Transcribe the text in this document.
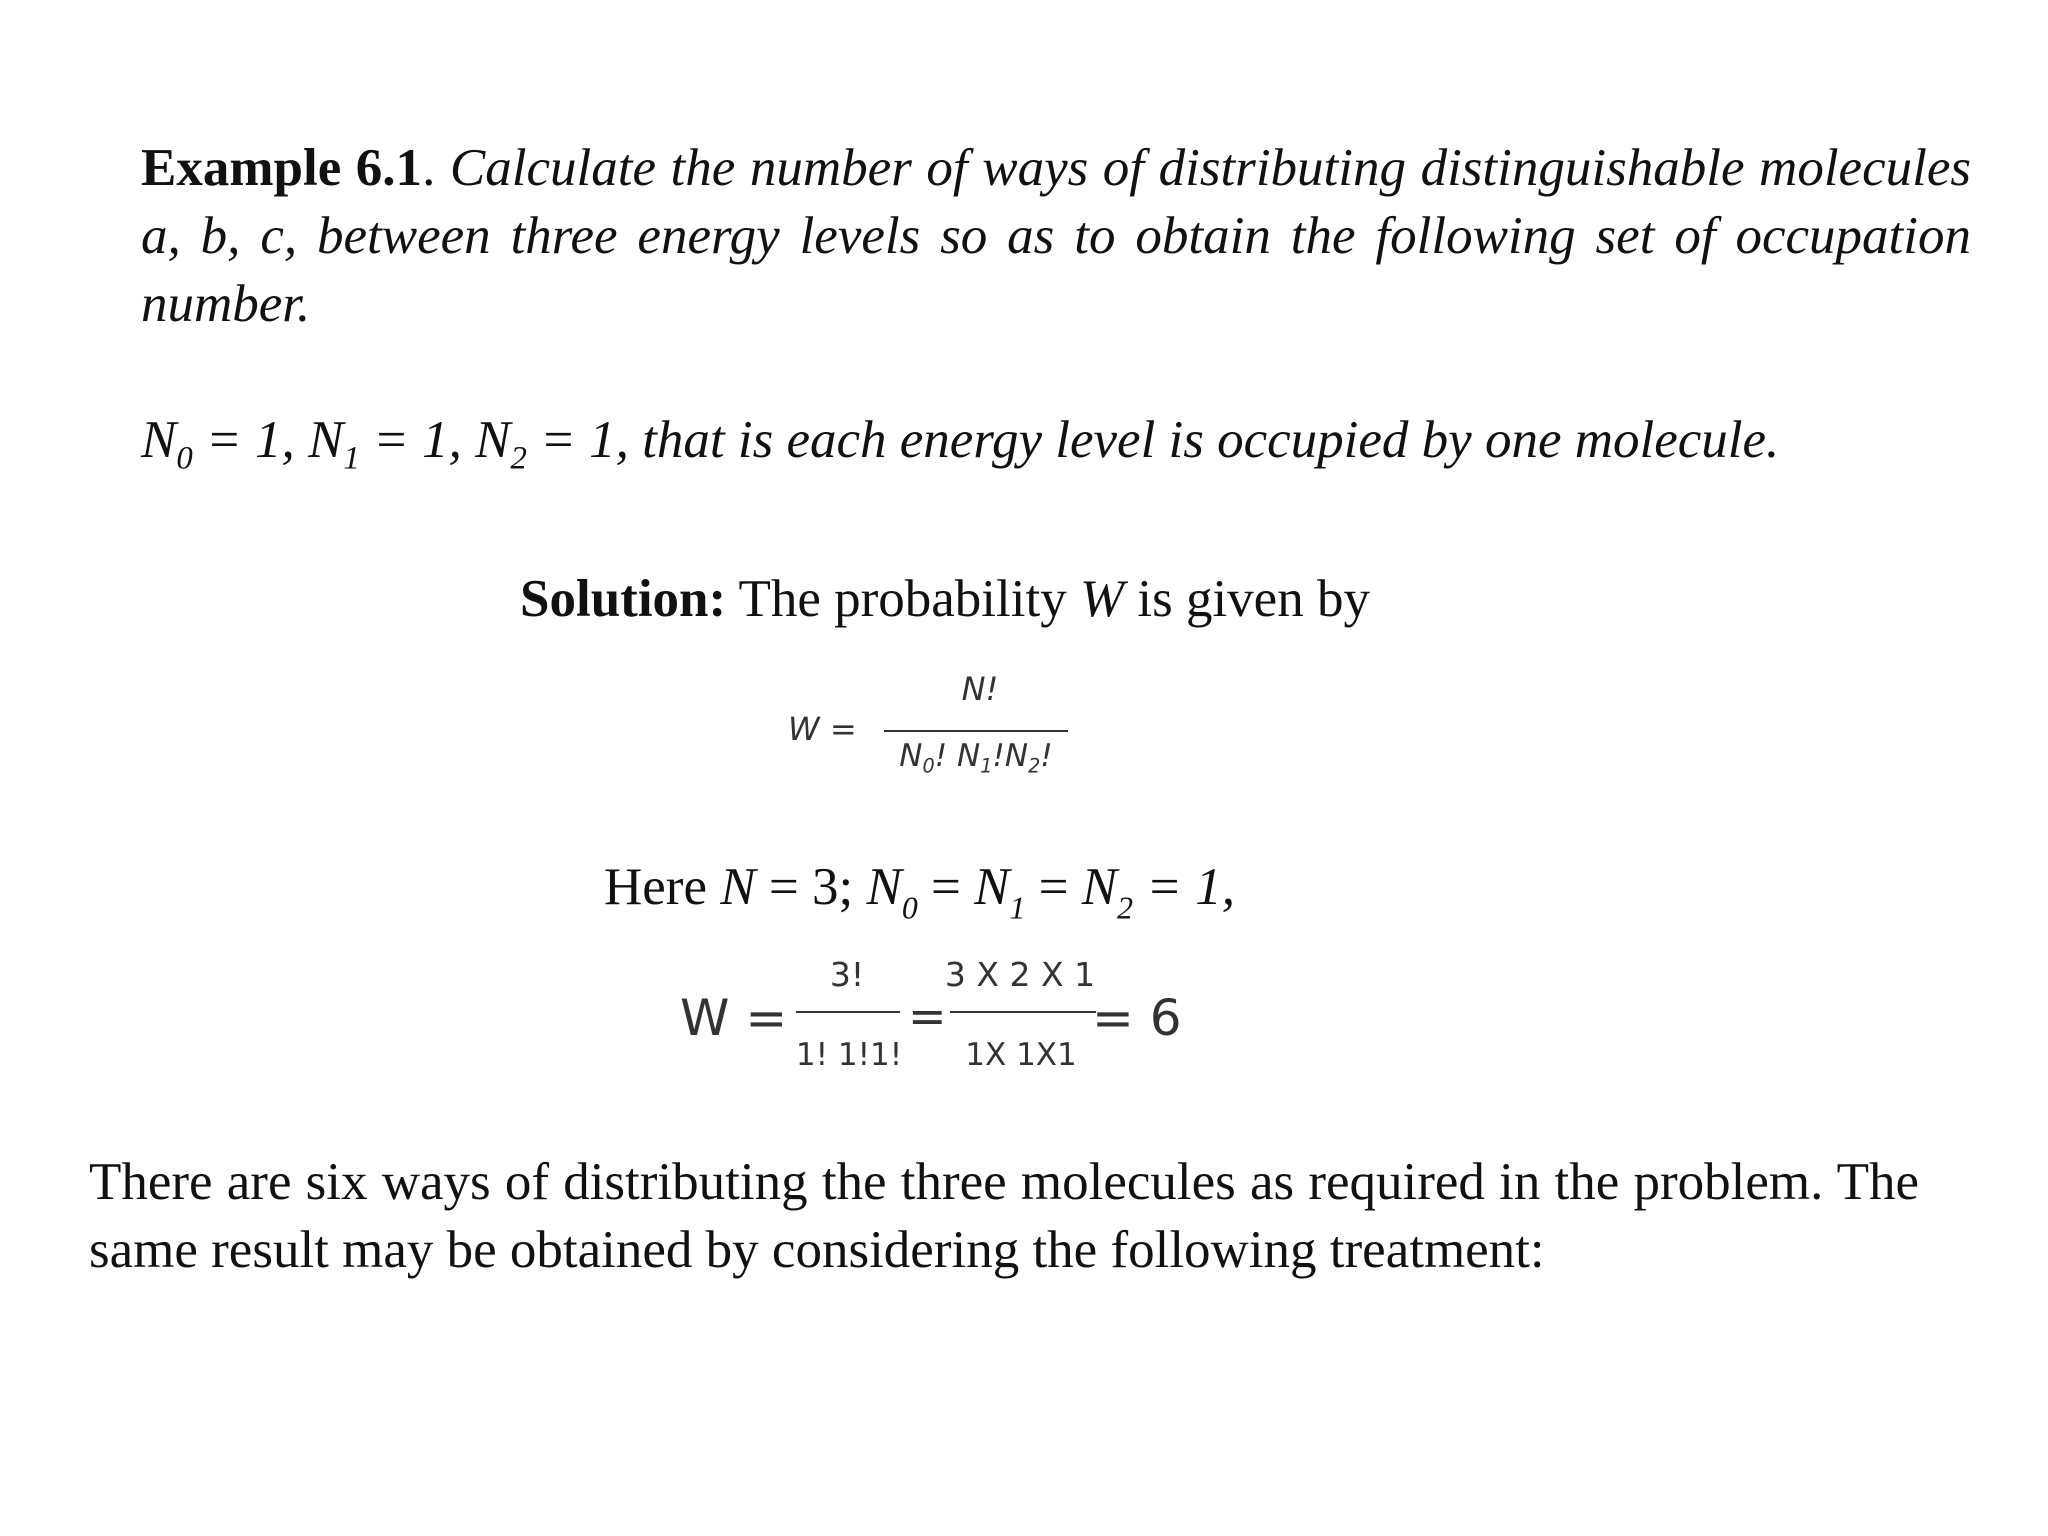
Example 6.1. Calculate the number of ways of distributing distinguishable molecules a, b, c, between three energy levels so as to obtain the following set of occupation number.
$N_0 = 1$, $N_1 = 1$, $N_2 = 1$, that is each energy level is occupied by one molecule.
Solution: The probability W is given by
W =
N!
$N_0$! $N_1!N_2$!
Here N = 3; $N_0 = N_1 = N_2 = 1$,
W =
3!
1! 1!1!
=
3 X 2 X 1
1X 1X1
= 6
There are six ways of distributing the three molecules as required in the problem. The same result may be obtained by considering the following treatment:
